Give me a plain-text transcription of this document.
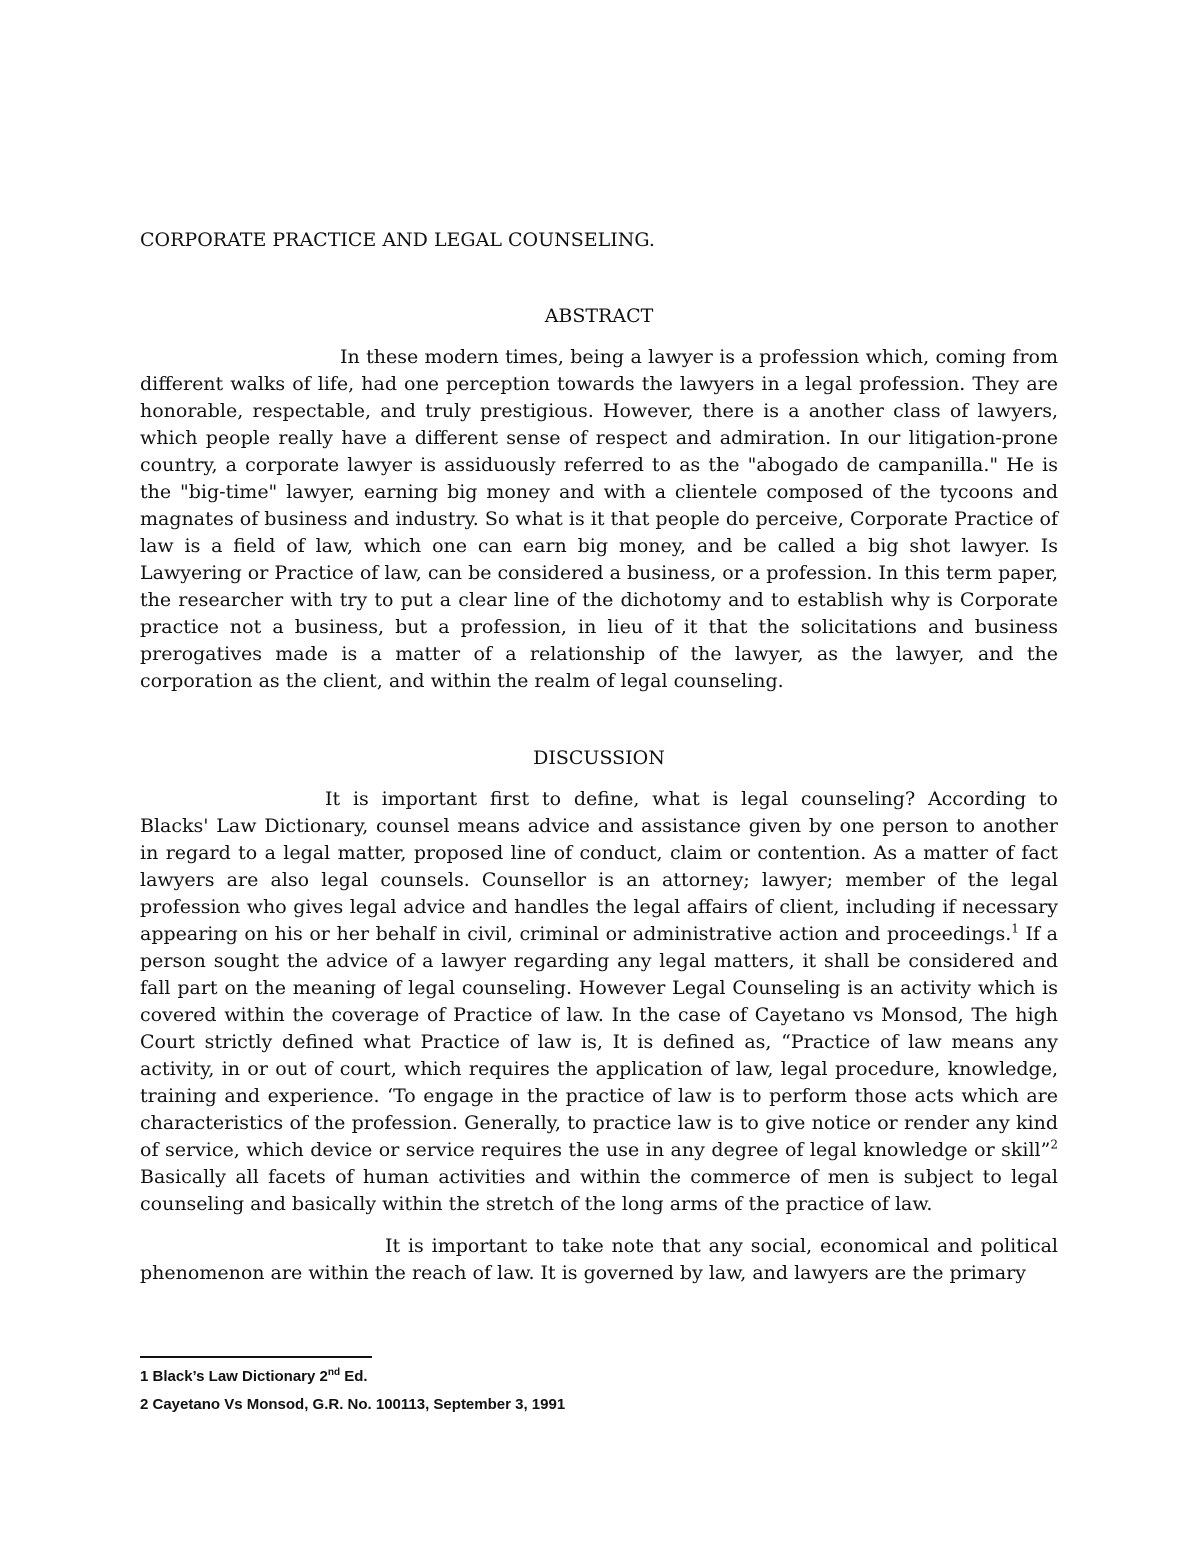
CORPORATE PRACTICE AND LEGAL COUNSELING.

ABSTRACT

In these modern times, being a lawyer is a profession which, coming from different walks of life, had one perception towards the lawyers in a legal profession. They are honorable, respectable, and truly prestigious. However, there is a another class of lawyers, which people really have a different sense of respect and admiration. In our litigation-prone country, a corporate lawyer is assiduously referred to as the "abogado de campanilla." He is the "big-time" lawyer, earning big money and with a clientele composed of the tycoons and magnates of business and industry. So what is it that people do perceive, Corporate Practice of law is a field of law, which one can earn big money, and be called a big shot lawyer. Is Lawyering or Practice of law, can be considered a business, or a profession. In this term paper, the researcher with try to put a clear line of the dichotomy and to establish why is Corporate practice not a business, but a profession, in lieu of it that the solicitations and business prerogatives made is a matter of a relationship of the lawyer, as the lawyer, and the corporation as the client, and within the realm of legal counseling.

DISCUSSION

It is important first to define, what is legal counseling? According to Blacks' Law Dictionary, counsel means advice and assistance given by one person to another in regard to a legal matter, proposed line of conduct, claim or contention. As a matter of fact lawyers are also legal counsels. Counsellor is an attorney; lawyer; member of the legal profession who gives legal advice and handles the legal affairs of client, including if necessary appearing on his or her behalf in civil, criminal or administrative action and proceedings.$^1$ If a person sought the advice of a lawyer regarding any legal matters, it shall be considered and fall part on the meaning of legal counseling. However Legal Counseling is an activity which is covered within the coverage of Practice of law. In the case of Cayetano vs Monsod, The high Court strictly defined what Practice of law is, It is defined as, “Practice of law means any activity, in or out of court, which requires the application of law, legal procedure, knowledge, training and experience. ‘To engage in the practice of law is to perform those acts which are characteristics of the profession. Generally, to practice law is to give notice or render any kind of service, which device or service requires the use in any degree of legal knowledge or skill”$^2$ Basically all facets of human activities and within the commerce of men is subject to legal counseling and basically within the stretch of the long arms of the practice of law.

It is important to take note that any social, economical and political phenomenon are within the reach of law. It is governed by law, and lawyers are the primary

1 Black’s Law Dictionary 2nd Ed.

2 Cayetano Vs Monsod, G.R. No. 100113, September 3, 1991
